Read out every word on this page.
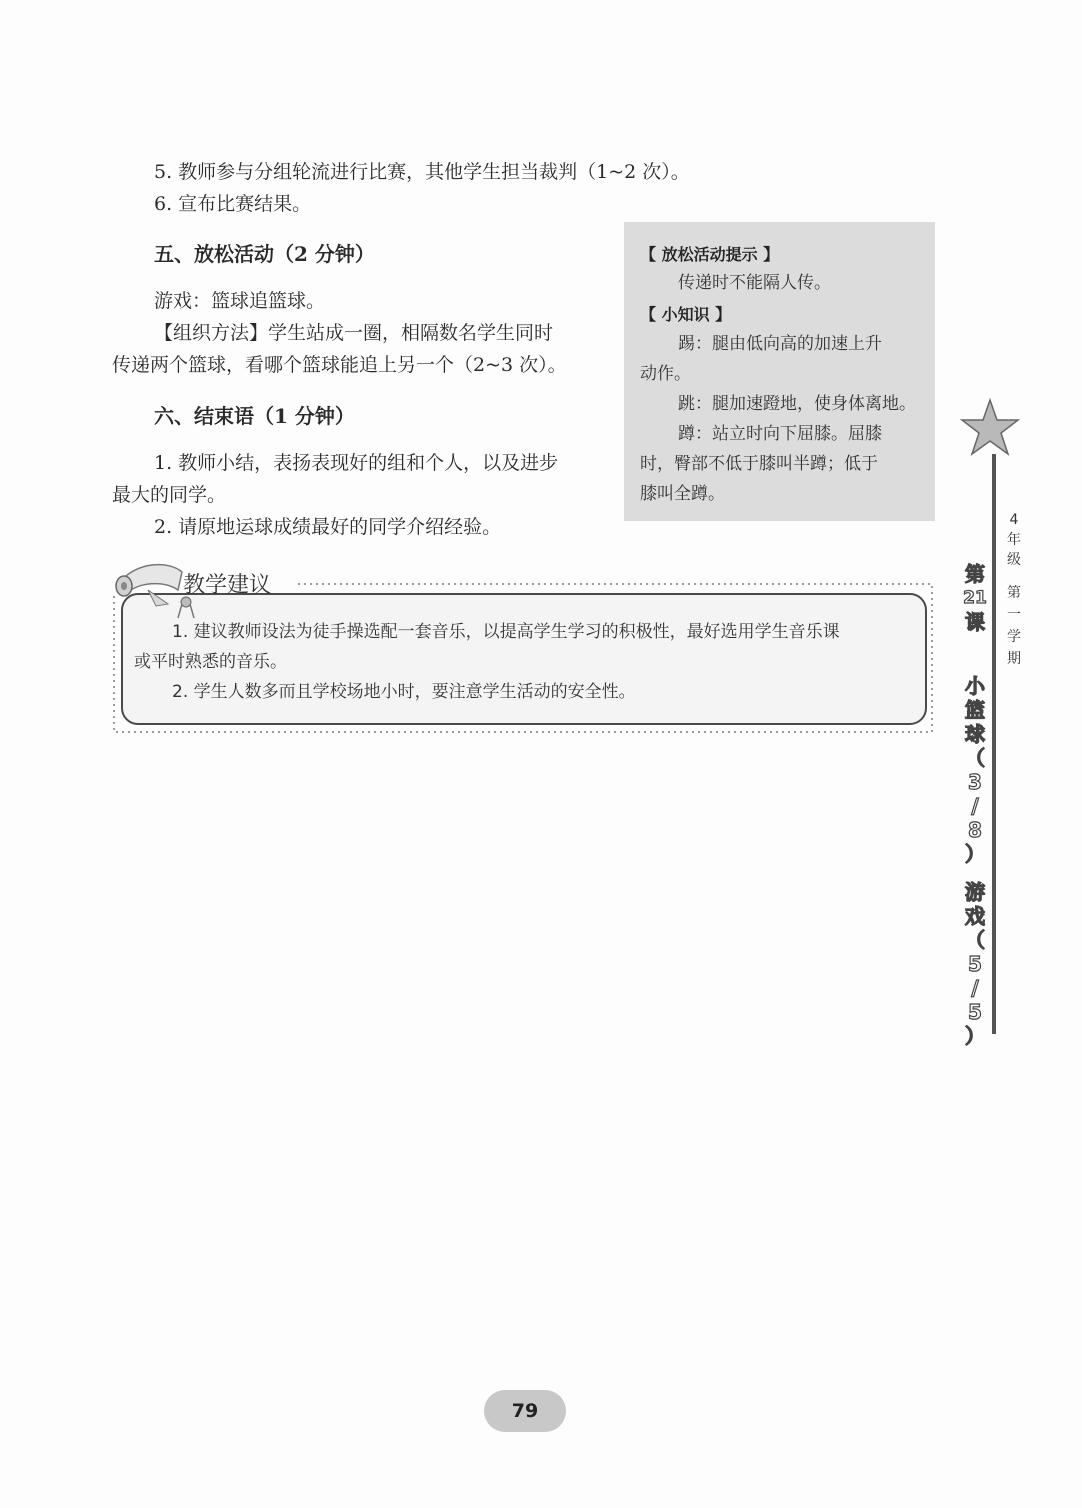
5. 教师参与分组轮流进行比赛，其他学生担当裁判（1~2 次）。
6. 宣布比赛结果。
五、放松活动（2 分钟）
游戏：篮球追篮球。
【组织方法】学生站成一圈，相隔数名学生同时
传递两个篮球，看哪个篮球能追上另一个（2~3 次）。
六、结束语（1 分钟）
1. 教师小结，表扬表现好的组和个人，以及进步
最大的同学。
2. 请原地运球成绩最好的同学介绍经验。
【 放松活动提示 】
传递时不能隔人传。
【 小知识 】
踢：腿由低向高的加速上升
动作。
跳：腿加速蹬地，使身体离地。
蹲：站立时向下屈膝。屈膝
时，臀部不低于膝叫半蹲；低于
膝叫全蹲。
教学建议
1. 建议教师设法为徒手操选配一套音乐，以提高学生学习的积极性，最好选用学生音乐课
或平时熟悉的音乐。
2. 学生人数多而且学校场地小时，要注意学生活动的安全性。
4
年
级
第
一
学
期
第
21
课
小
篮
球
（
3
/
8
）
游
戏
（
5
/
5
）
79
